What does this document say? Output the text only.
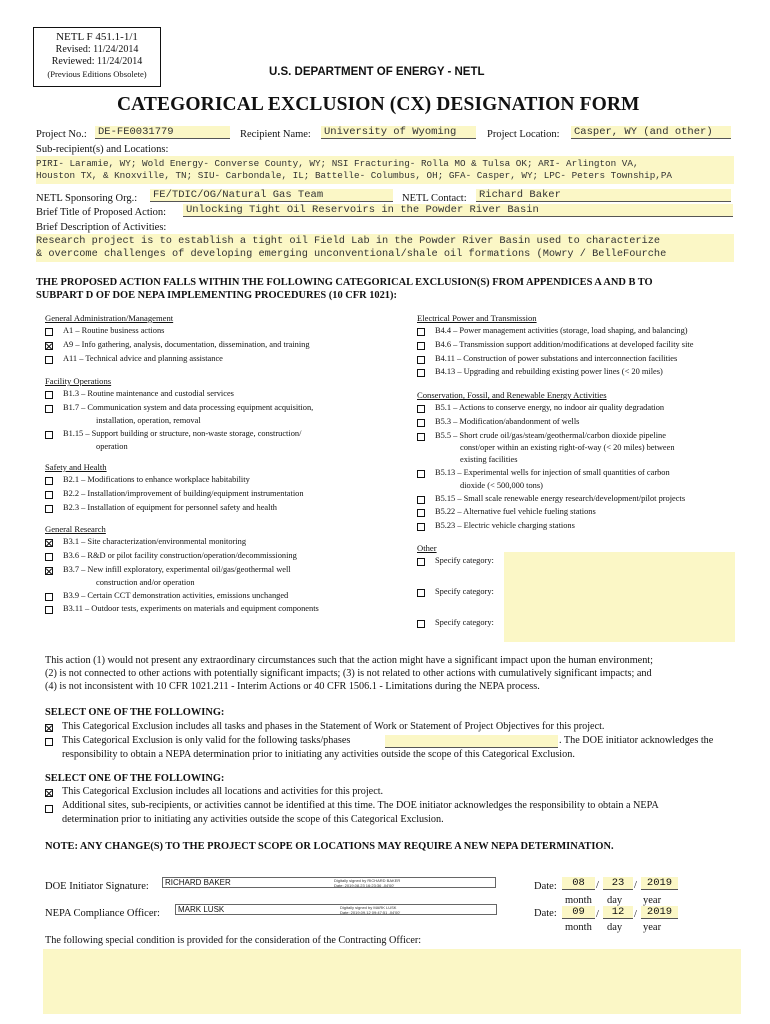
NETL F 451.1-1/1
Revised: 11/24/2014
Reviewed: 11/24/2014
(Previous Editions Obsolete)	U.S. DEPARTMENT OF ENERGY - NETL
CATEGORICAL EXCLUSION (CX) DESIGNATION FORM
Project No.: DE-FE0031779	Recipient Name: University of Wyoming	Project Location: Casper, WY (and other)
Sub-recipient(s) and Locations:
PIRI- Laramie, WY; Wold Energy- Converse County, WY; NSI Fracturing- Rolla MO & Tulsa OK; ARI- Arlington VA,
Houston TX, & Knoxville, TN; SIU- Carbondale, IL; Battelle- Columbus, OH; GFA- Casper, WY; LPC- Peters Township,PA
NETL Sponsoring Org.: FE/TDIC/OG/Natural Gas Team	NETL Contact: Richard Baker
Brief Title of Proposed Action: Unlocking Tight Oil Reservoirs in the Powder River Basin
Brief Description of Activities:
Research project is to establish a tight oil Field Lab in the Powder River Basin used to characterize
& overcome challenges of developing emerging unconventional/shale oil formations (Mowry / BelleFourche
THE PROPOSED ACTION FALLS WITHIN THE FOLLOWING CATEGORICAL EXCLUSION(S) FROM APPENDICES A AND B TO
SUBPART D OF DOE NEPA IMPLEMENTING PROCEDURES (10 CFR 1021):
General Administration/Management
A1 – Routine business actions
A9 – Info gathering, analysis, documentation, dissemination, and training
A11 – Technical advice and planning assistance
Facility Operations
B1.3 – Routine maintenance and custodial services
B1.7 – Communication system and data processing equipment acquisition,
installation, operation, removal
B1.15 – Support building or structure, non-waste storage, construction/
operation
Safety and Health
B2.1 – Modifications to enhance workplace habitability
B2.2 – Installation/improvement of building/equipment instrumentation
B2.3 – Installation of equipment for personnel safety and health
General Research
B3.1 – Site characterization/environmental monitoring
B3.6 – R&D or pilot facility construction/operation/decommissioning
B3.7 – New infill exploratory, experimental oil/gas/geothermal well
construction and/or operation
B3.9 – Certain CCT demonstration activities, emissions unchanged
B3.11 – Outdoor tests, experiments on materials and equipment components
Electrical Power and Transmission
B4.4 – Power management activities (storage, load shaping, and balancing)
B4.6 – Transmission support addition/modifications at developed facility site
B4.11 – Construction of power substations and interconnection facilities
B4.13 – Upgrading and rebuilding existing power lines (< 20 miles)
Conservation, Fossil, and Renewable Energy Activities
B5.1 – Actions to conserve energy, no indoor air quality degradation
B5.3 – Modification/abandonment of wells
B5.5 – Short crude oil/gas/steam/geothermal/carbon dioxide pipeline
const/oper within an existing right-of-way (< 20 miles) between
existing facilities
B5.13 – Experimental wells for injection of small quantities of carbon
dioxide (< 500,000 tons)
B5.15 – Small scale renewable energy research/development/pilot projects
B5.22 – Alternative fuel vehicle fueling stations
B5.23 – Electric vehicle charging stations
Other
Specify category:
Specify category:
Specify category:
This action (1) would not present any extraordinary circumstances such that the action might have a significant impact upon the human environment;
(2) is not connected to other actions with potentially significant impacts; (3) is not related to other actions with cumulatively significant impacts; and
(4) is not inconsistent with 10 CFR 1021.211 - Interim Actions or 40 CFR 1506.1 - Limitations during the NEPA process.
SELECT ONE OF THE FOLLOWING:
This Categorical Exclusion includes all tasks and phases in the Statement of Work or Statement of Project Objectives for this project.
This Categorical Exclusion is only valid for the following tasks/phases	. The DOE initiator acknowledges the
responsibility to obtain a NEPA determination prior to initiating any activities outside the scope of this Categorical Exclusion.
SELECT ONE OF THE FOLLOWING:
This Categorical Exclusion includes all locations and activities for this project.
Additional sites, sub-recipients, or activities cannot be identified at this time. The DOE initiator acknowledges the responsibility to obtain a NEPA
determination prior to initiating any activities outside the scope of this Categorical Exclusion.
NOTE: ANY CHANGE(S) TO THE PROJECT SCOPE OR LOCATIONS MAY REQUIRE A NEW NEPA DETERMINATION.
DOE Initiator Signature: RICHARD BAKER	Digitally signed by RICHARD BAKER
Date: 2019.08.23 16:23:36 -04'00'
NEPA Compliance Officer: MARK LUSK	Digitally signed by MARK LUSK
Date: 2019.09.12 09:47:51 -04'00'
Date:	08	/	23 / 2019
month day year
Date:	09	/	12 / 2019
month day year
The following special condition is provided for the consideration of the Contracting Officer:
